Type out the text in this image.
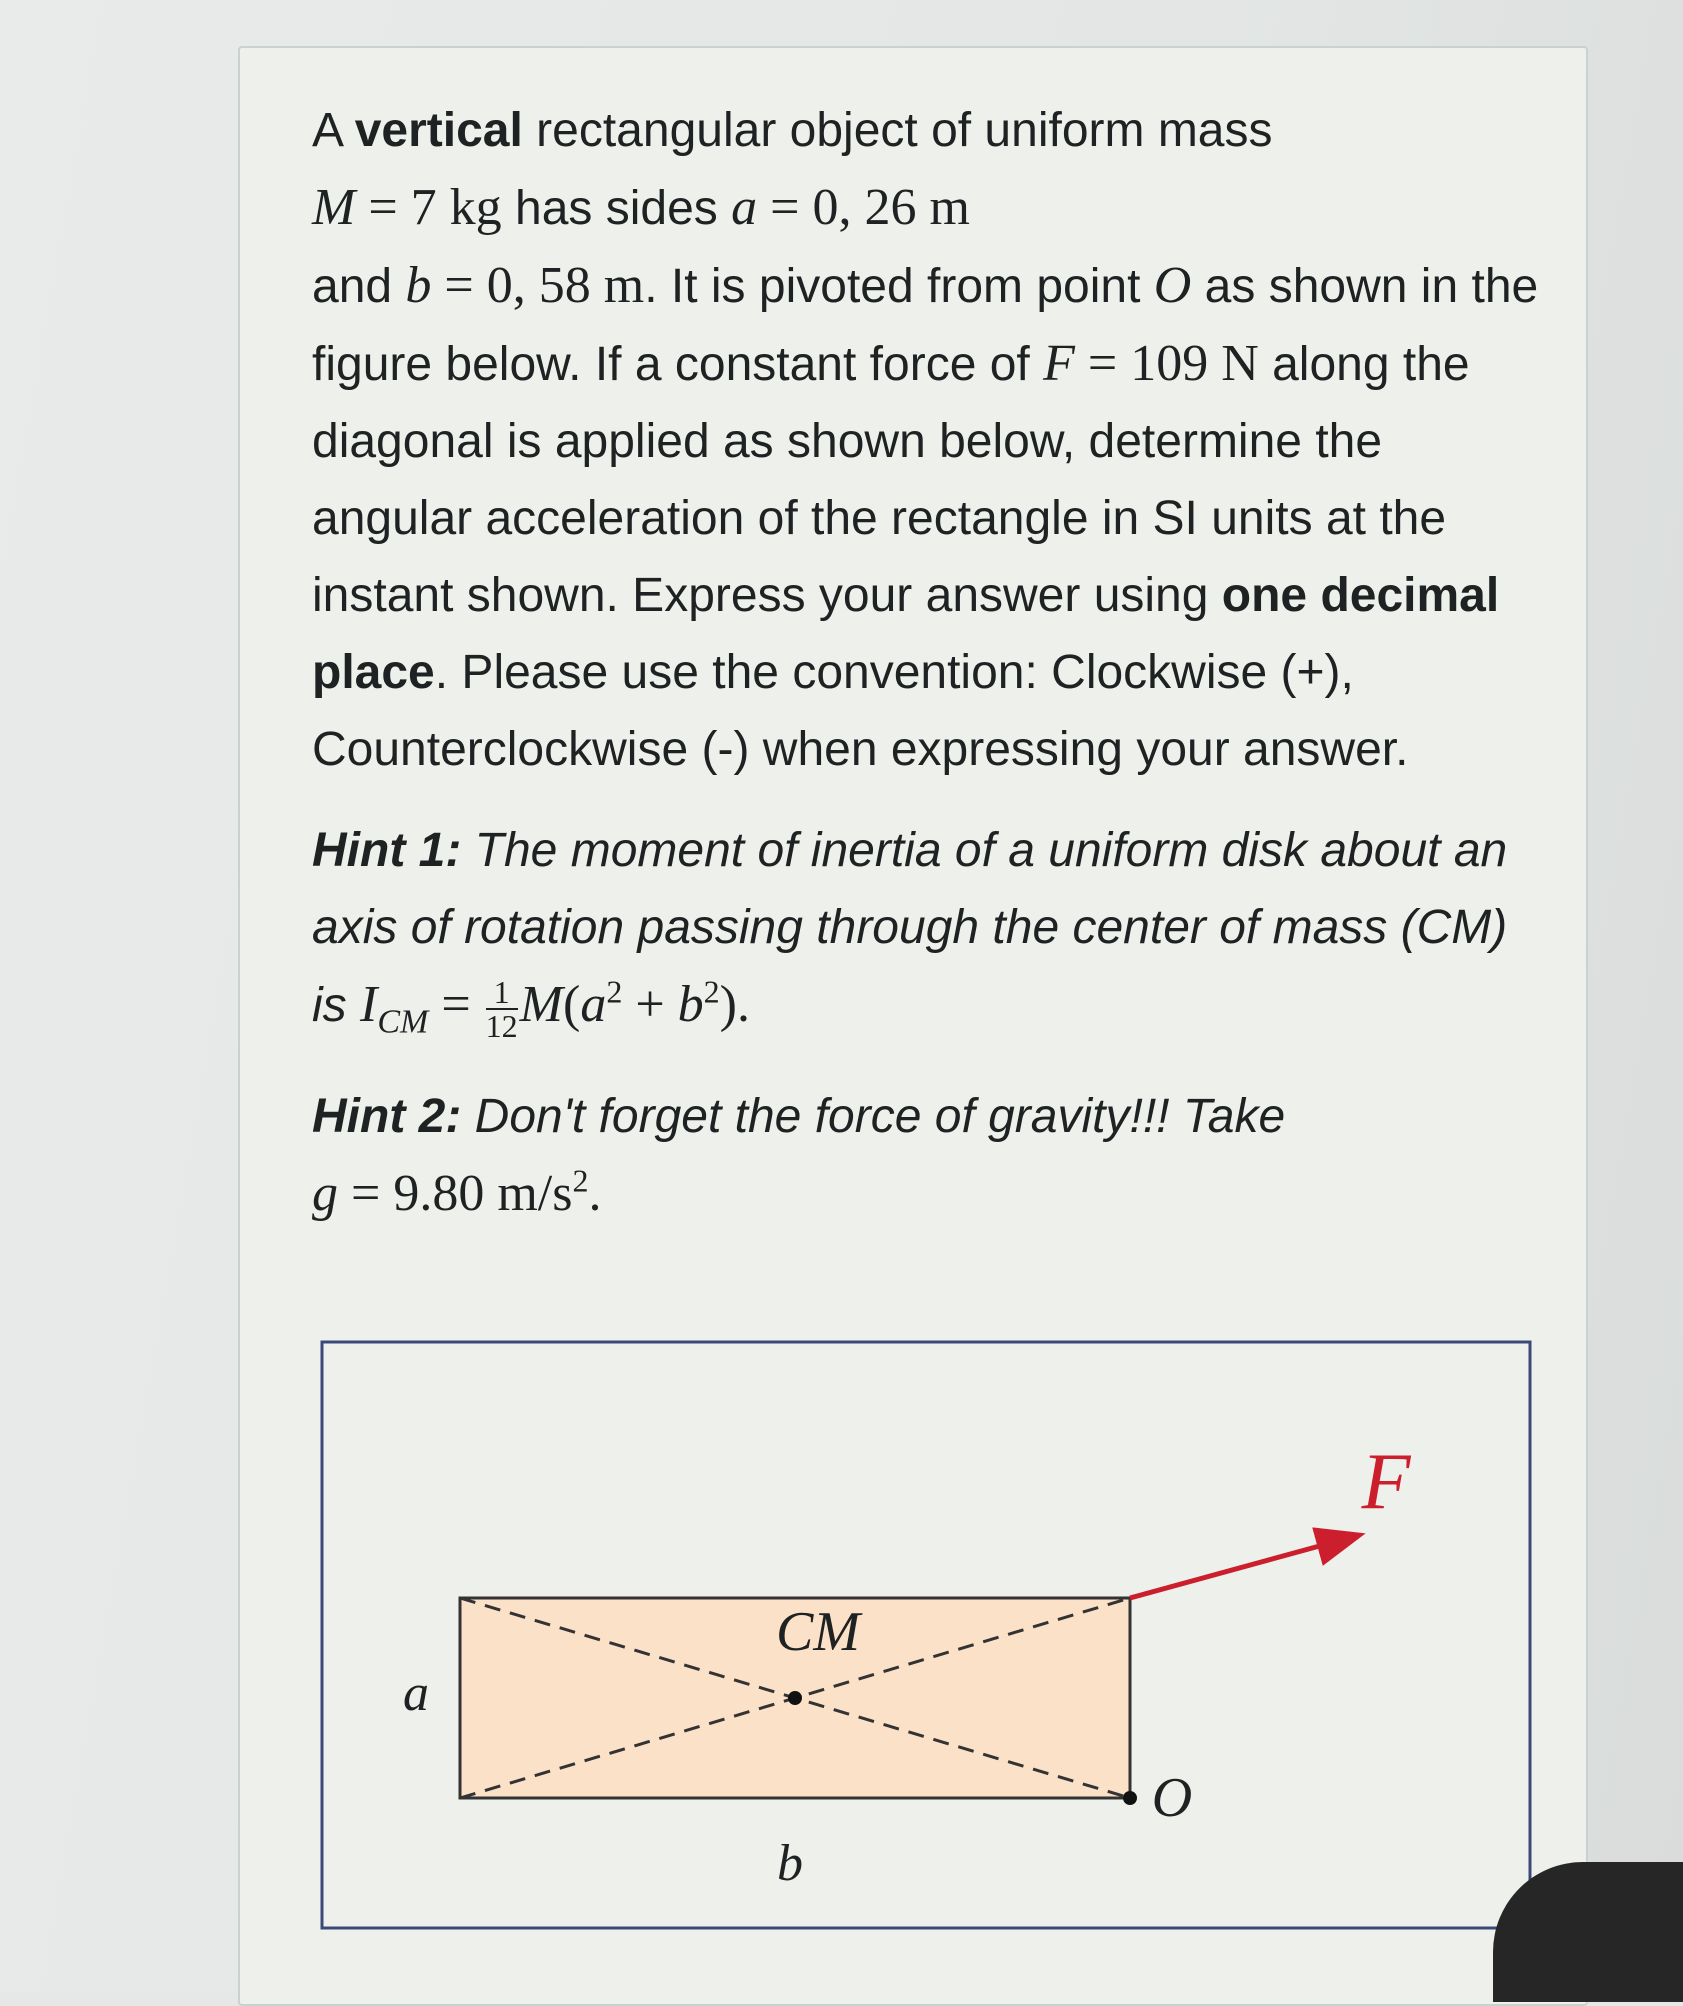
A vertical rectangular object of uniform mass
M = 7 kg has sides a = 0, 26 m
and b = 0, 58 m. It is pivoted from point O as shown in the figure below. If a constant force of F = 109 N along the diagonal is applied as shown below, determine the angular acceleration of the rectangle in SI units at the instant shown. Express your answer using one decimal place. Please use the convention: Clockwise (+), Counterclockwise (-) when expressing your answer.

Hint 1: The moment of inertia of a uniform disk about an axis of rotation passing through the center of mass (CM) is $I_{CM} = \frac{1}{12} M(a^2 + b^2)$.

Hint 2: Don't forget the force of gravity!!! Take
g = 9.80 $m/s^2$.

CM
a
b
O
F
